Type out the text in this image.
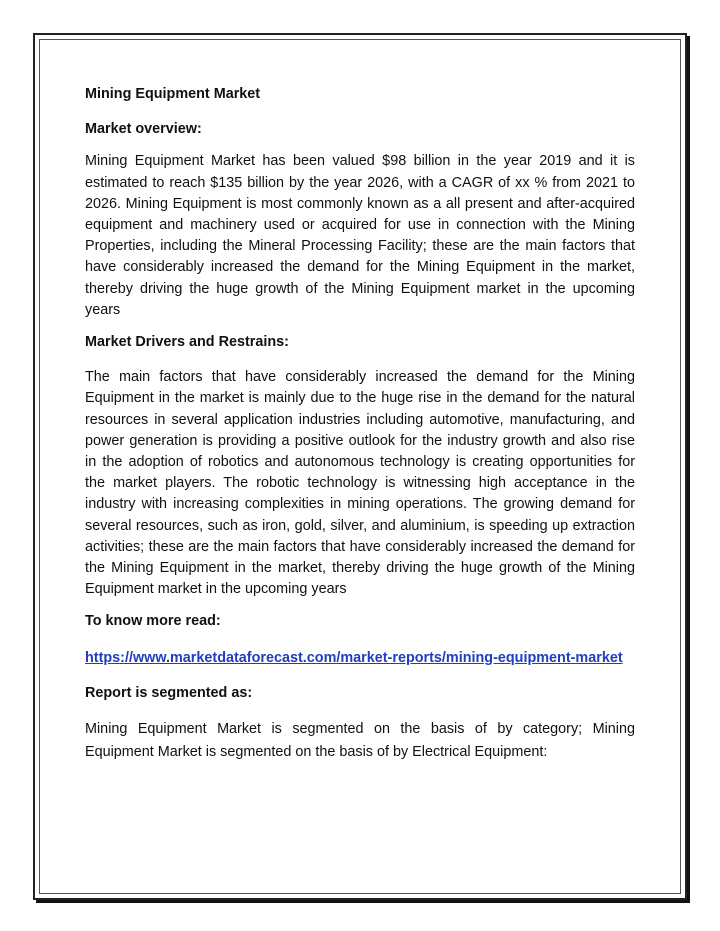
Mining Equipment Market

Market overview:

Mining Equipment Market has been valued $98 billion in the year 2019 and it is estimated to reach $135 billion by the year 2026, with a CAGR of xx % from 2021 to 2026. Mining Equipment is most commonly known as a all present and after-acquired equipment and machinery used or acquired for use in connection with the Mining Properties, including the Mineral Processing Facility; these are the main factors that have considerably increased the demand for the Mining Equipment in the market, thereby driving the huge growth of the Mining Equipment market in the upcoming years

Market Drivers and Restrains:

The main factors that have considerably increased the demand for the Mining Equipment in the market is mainly due to the huge rise in the demand for the natural resources in several application industries including automotive, manufacturing, and power generation is providing a positive outlook for the industry growth and also rise in the adoption of robotics and autonomous technology is creating opportunities for the market players. The robotic technology is witnessing high acceptance in the industry with increasing complexities in mining operations. The growing demand for several resources, such as iron, gold, silver, and aluminium, is speeding up extraction activities; these are the main factors that have considerably increased the demand for the Mining Equipment in the market, thereby driving the huge growth of the Mining Equipment market in the upcoming years

To know more read:

https://www.marketdataforecast.com/market-reports/mining-equipment-market

Report is segmented as:

Mining Equipment Market is segmented on the basis of by category; Mining Equipment Market is segmented on the basis of by Electrical Equipment:
